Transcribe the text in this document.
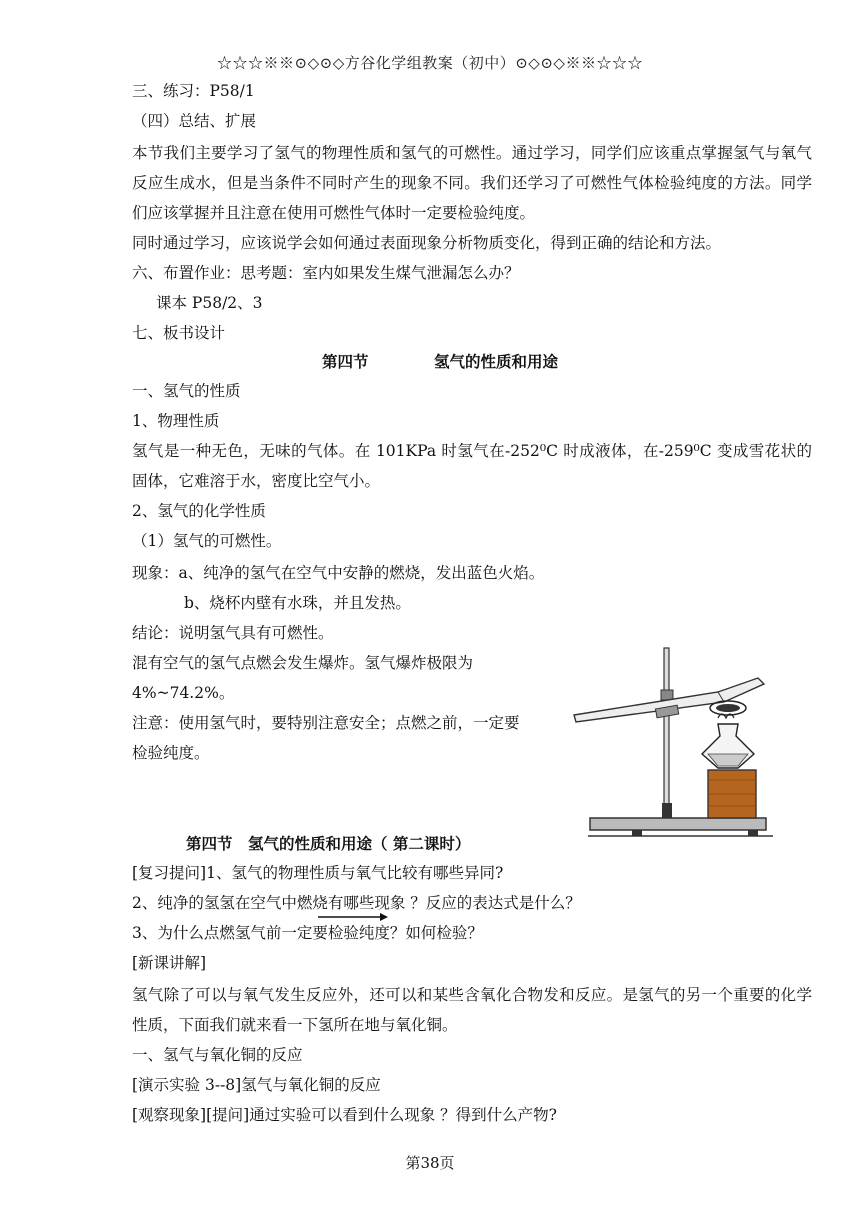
☆☆☆※※⊙◇⊙◇方谷化学组教案（初中）⊙◇⊙◇※※☆☆☆
三、练习：P58/1
（四）总结、扩展
本节我们主要学习了氢气的物理性质和氢气的可燃性。通过学习，同学们应该重点掌握氢气与氧气反应生成水，但是当条件不同时产生的现象不同。我们还学习了可燃性气体检验纯度的方法。同学们应该掌握并且注意在使用可燃性气体时一定要检验纯度。
同时通过学习，应该说学会如何通过表面现象分析物质变化，得到正确的结论和方法。
六、布置作业：思考题：室内如果发生煤气泄漏怎么办？
课本 P58/2、3
七、板书设计
第四节	氢气的性质和用途
一、氢气的性质
1、物理性质
氢气是一种无色，无味的气体。在 101KPa 时氢气在-252⁰C 时成液体，在-259⁰C 变成雪花状的固体，它难溶于水，密度比空气小。
2、氢气的化学性质
（1）氢气的可燃性。
现象：a、纯净的氢气在空气中安静的燃烧，发出蓝色火焰。
b、烧杯内壁有水珠，并且发热。
结论：说明氢气具有可燃性。
混有空气的氢气点燃会发生爆炸。氢气爆炸极限为
4%~74.2%。
注意：使用氢气时，要特别注意安全；点燃之前，一定要
检验纯度。
第四节　氢气的性质和用途（ 第二课时）
[复习提问]1、氢气的物理性质与氧气比较有哪些异同?
2、纯净的氢氢在空气中燃烧有哪些现象 ？反应的表达式是什么？
3、为什么点燃氢气前一定要检验纯度？如何检验？
[新课讲解]
氢气除了可以与氧气发生反应外，还可以和某些含氧化合物发和反应。是氢气的另一个重要的化学性质，下面我们就来看一下氢所在地与氧化铜。
一、氢气与氧化铜的反应
[演示实验 3--8]氢气与氧化铜的反应
[观察现象][提问]通过实验可以看到什么现象 ？得到什么产物?
第38页
